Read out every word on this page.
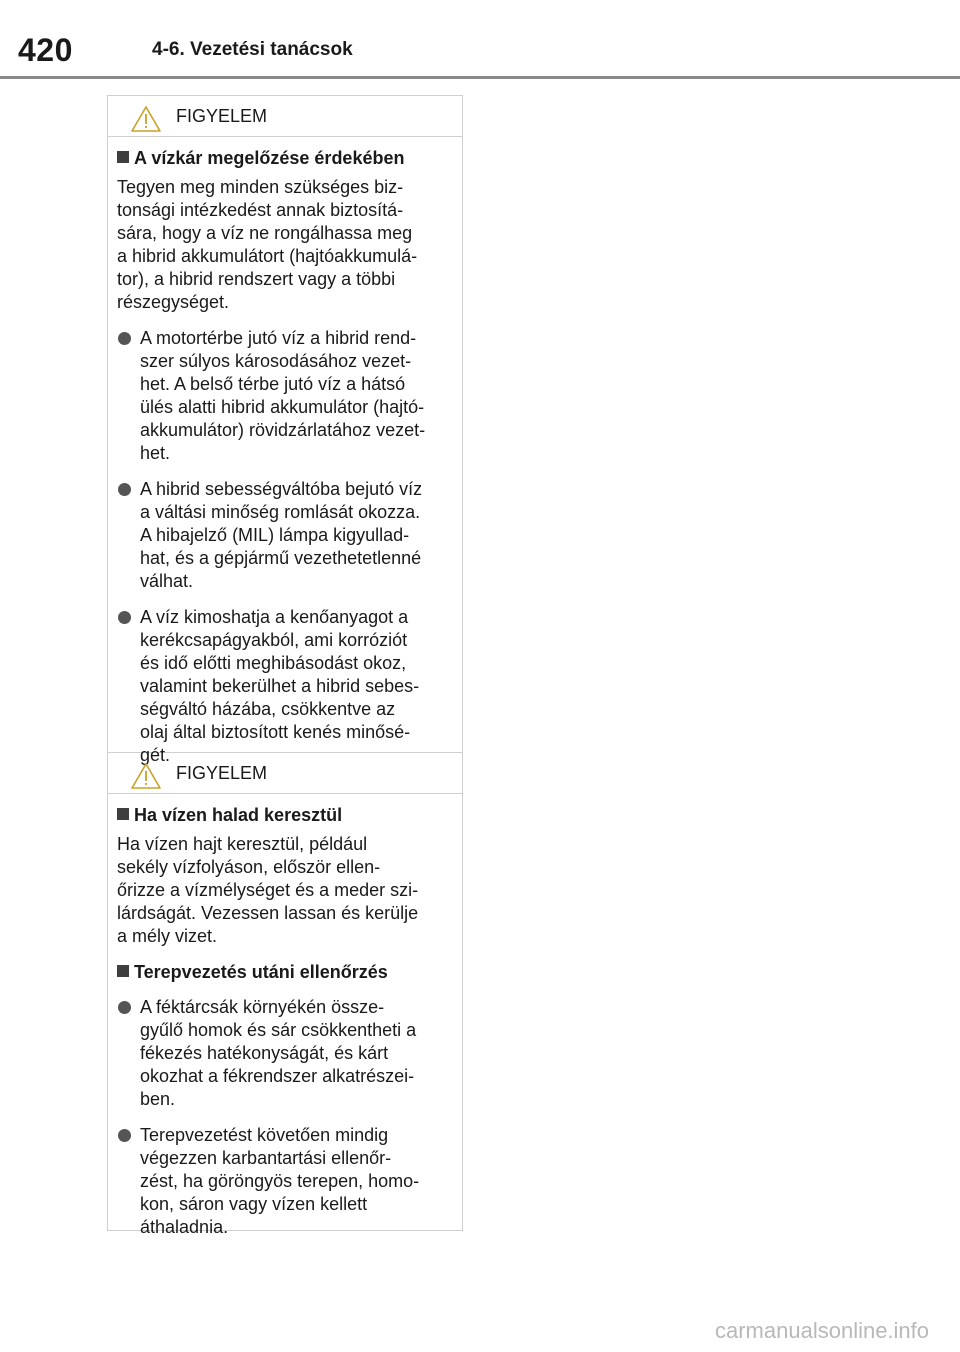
420	4-6. Vezetési tanácsok
FIGYELEM
A vízkár megelőzése érdekében
Tegyen meg minden szükséges biz-
tonsági intézkedést annak biztosítá-
sára, hogy a víz ne rongálhassa meg
a hibrid akkumulátort (hajtóakkumulá-
tor), a hibrid rendszert vagy a többi
részegységet.
A motortérbe jutó víz a hibrid rend-
szer súlyos károsodásához vezet-
het. A belső térbe jutó víz a hátsó
ülés alatti hibrid akkumulátor (hajtó-
akkumulátor) rövidzárlatához vezet-
het.
A hibrid sebességváltóba bejutó víz
a váltási minőség romlását okozza.
A hibajelző (MIL) lámpa kigyullad-
hat, és a gépjármű vezethetetlenné
válhat.
A víz kimoshatja a kenőanyagot a
kerékcsapágyakból, ami korróziót
és idő előtti meghibásodást okoz,
valamint bekerülhet a hibrid sebes-
ségváltó házába, csökkentve az
olaj által biztosított kenés minősé-
gét.
FIGYELEM
Ha vízen halad keresztül
Ha vízen hajt keresztül, például
sekély vízfolyáson, először ellen-
őrizze a vízmélységet és a meder szi-
lárdságát. Vezessen lassan és kerülje
a mély vizet.
Terepvezetés utáni ellenőrzés
A féktárcsák környékén össze-
gyűlő homok és sár csökkentheti a
fékezés hatékonyságát, és kárt
okozhat a fékrendszer alkatrészei-
ben.
Terepvezetést követően mindig
végezzen karbantartási ellenőr-
zést, ha göröngyös terepen, homo-
kon, sáron vagy vízen kellett
áthaladnia.
carmanualsonline.info
